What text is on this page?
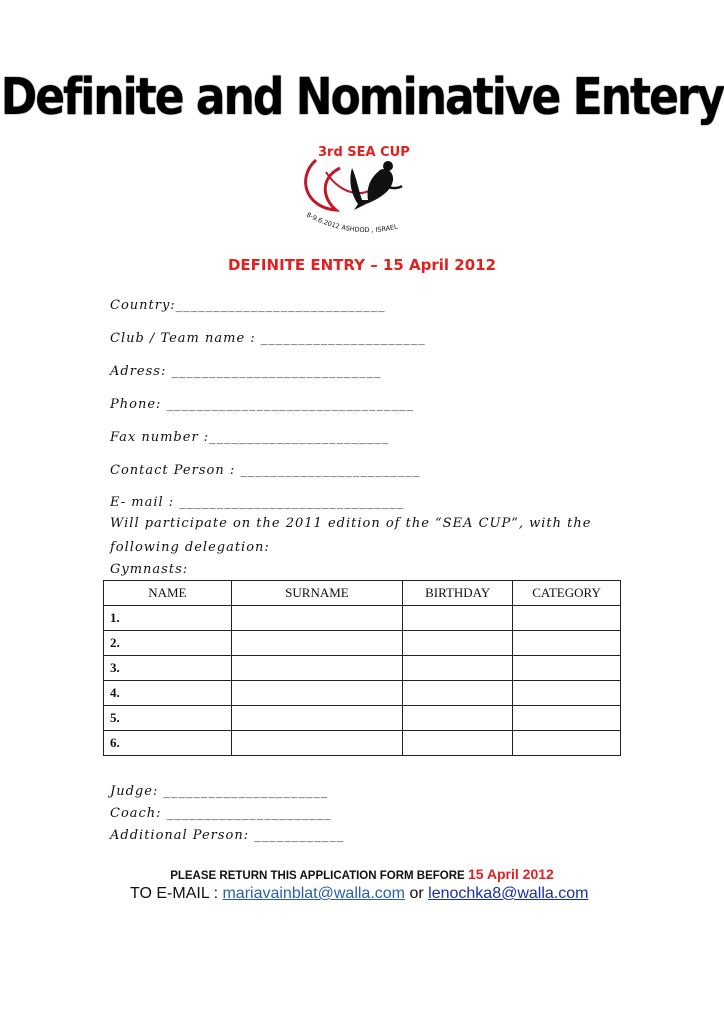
Definite and Nominative Entery
3rd SEA CUP
8-9.6.2012 ASHDOD , ISRAEL
DEFINITE ENTRY – 15 April 2012
Country:____________________________
Club / Team name : ______________________
Adress: ____________________________
Phone: _________________________________
Fax number :________________________
Contact Person : ________________________
E- mail : ______________________________
Will participate on the 2011 edition of the “SEA CUP”, with the
following delegation:
Gymnasts:
NAME	SURNAME	BIRTHDAY	CATEGORY
1.			
2.			
3.			
4.			
5.			
6.			
Judge: ______________________
Coach: ______________________
Additional Person: ____________
PLEASE RETURN THIS APPLICATION FORM BEFORE 15 April 2012
TO E-MAIL : mariavainblat@walla.com or lenochka8@walla.com
